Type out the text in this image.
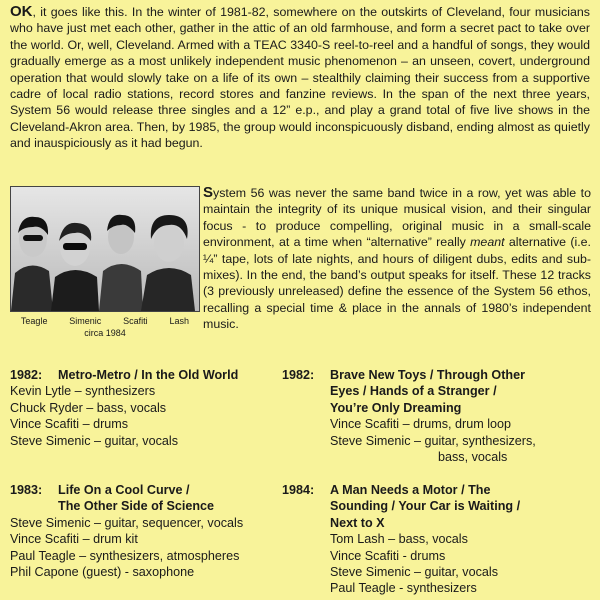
OK, it goes like this. In the winter of 1981-82, somewhere on the outskirts of Cleveland, four musicians who have just met each other, gather in the attic of an old farmhouse, and form a secret pact to take over the world. Or, well, Cleveland. Armed with a TEAC 3340-S reel-to-reel and a handful of songs, they would gradually emerge as a most unlikely independent music phenomenon – an unseen, covert, underground operation that would slowly take on a life of its own – stealthily claiming their success from a supportive cadre of local radio stations, record stores and fanzine reviews. In the span of the next three years, System 56 would release three singles and a 12” e.p., and play a grand total of five live shows in the Cleveland-Akron area. Then, by 1985, the group would inconspicuously disband, ending almost as quietly and inauspiciously as it had begun.
Teagle Simenic Scafiti Lash
circa 1984
System 56 was never the same band twice in a row, yet was able to maintain the integrity of its unique musical vision, and their singular focus - to produce compelling, original music in a small-scale environment, at a time when “alternative” really meant alternative (i.e. ¼” tape, lots of late nights, and hours of diligent dubs, edits and sub-mixes). In the end, the band’s output speaks for itself. These 12 tracks (3 previously unreleased) define the essence of the System 56 ethos, recalling a special time & place in the annals of 1980’s independent music.
1982:	Metro-Metro / In the Old World
Kevin Lytle – synthesizers
Chuck Ryder – bass, vocals
Vince Scafiti – drums
Steve Simenic – guitar, vocals
1982:	Brave New Toys / Through Other
Eyes / Hands of a Stranger /
You’re Only Dreaming
Vince Scafiti – drums, drum loop
Steve Simenic – guitar, synthesizers,
bass, vocals
1983:	Life On a Cool Curve /
The Other Side of Science
Steve Simenic – guitar, sequencer, vocals
Vince Scafiti – drum kit
Paul Teagle – synthesizers, atmospheres
Phil Capone (guest) - saxophone
1984:	A Man Needs a Motor / The
Sounding / Your Car is Waiting /
Next to X
Tom Lash – bass, vocals
Vince Scafiti - drums
Steve Simenic – guitar, vocals
Paul Teagle - synthesizers
